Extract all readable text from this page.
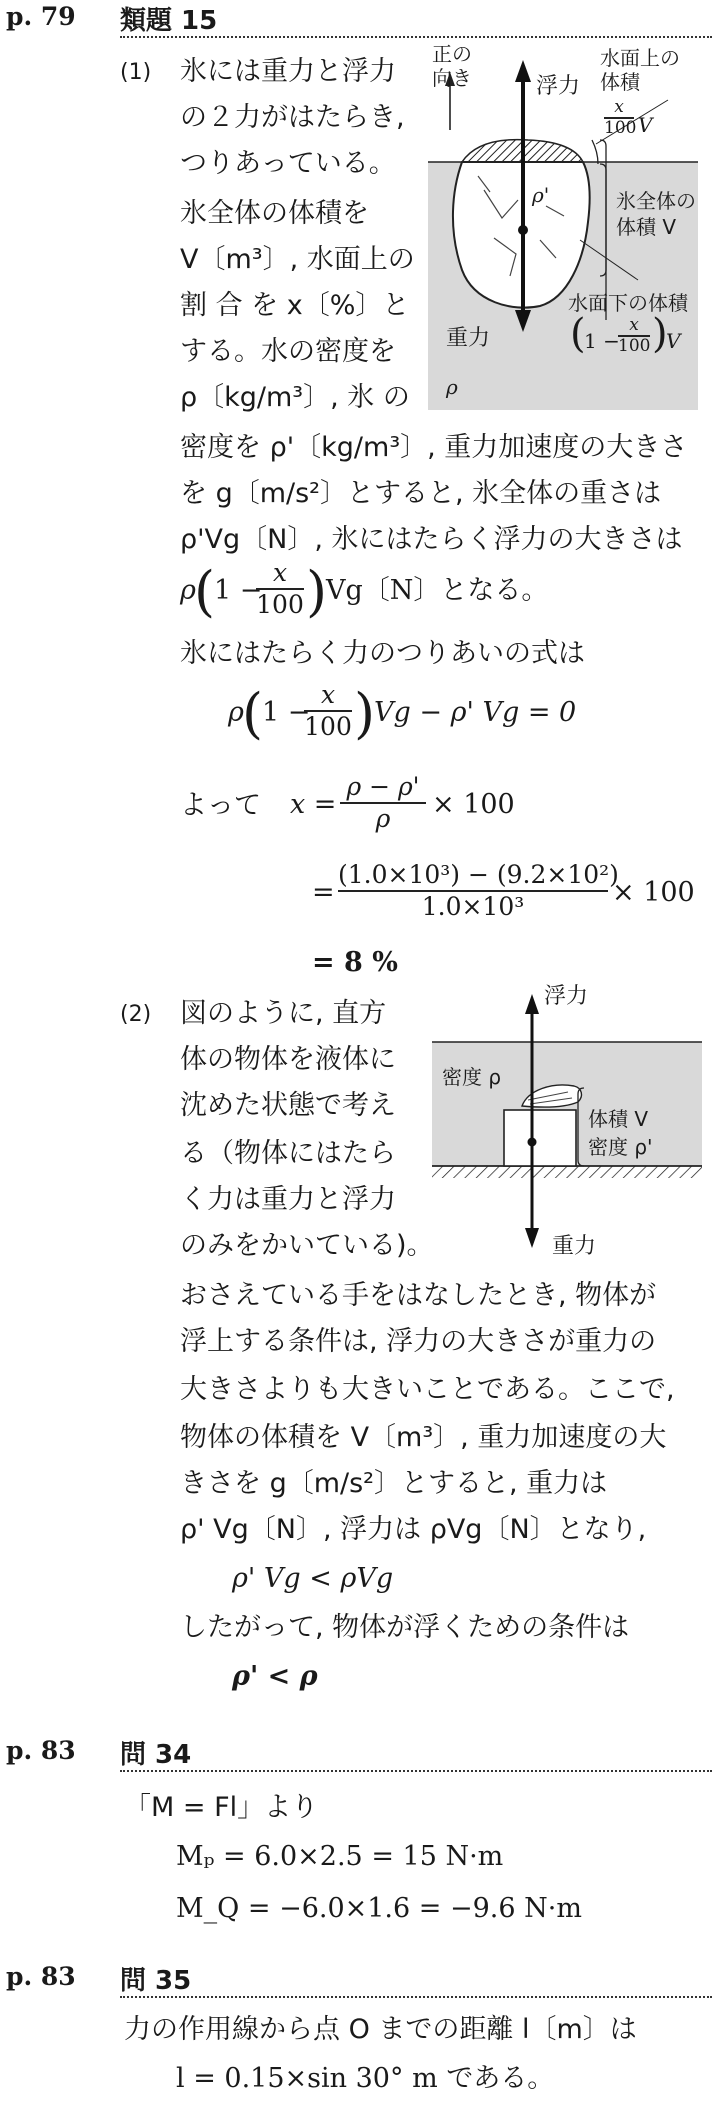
p. 79 類題 15
(1) 氷には重力と浮力
の２力がはたらき,
つりあっている。
氷全体の体積を
V〔m³〕, 水面上の
割 合 を x〔%〕と
する。水の密度を
ρ〔kg/m³〕, 氷 の
密度を ρ'〔kg/m³〕, 重力加速度の大きさ
を g〔m/s²〕とすると, 氷全体の重さは
ρ'Vg〔N〕, 氷にはたらく浮力の大きさは
正の
向き	浮力
水面上の
体積
x
100 V
ρ'	氷全体の
体積 V
重力
水面下の体積
(
1 −
x
100 )
V
ρ
ρ
(
1 −
x
100 )
Vg〔N〕となる。
氷にはたらく力のつりあいの式は
ρ
(
1 −
x
100 )
Vg − ρ' Vg = 0
よって x =
ρ − ρ'
ρ	× 100
=
(1.0×10³) − (9.2×10²)
1.0×10³	× 100
= 8 %
(2) 図のように, 直方
体の物体を液体に
沈めた状態で考え
る（物体にはたら
く力は重力と浮力
のみをかいている)。
おさえている手をはなしたとき, 物体が
浮上する条件は, 浮力の大きさが重力の
大きさよりも大きいことである。ここで,
物体の体積を V〔m³〕, 重力加速度の大
きさを g〔m/s²〕とすると, 重力は
ρ' Vg〔N〕, 浮力は ρVg〔N〕となり,
ρ' Vg < ρVg
したがって, 物体が浮くための条件は
ρ' < ρ
浮力
密度 ρ
体積 V
密度 ρ'
重力
p. 83 問 34
「M = Fl」より
Mₚ = 6.0×2.5 = 15 N·m
M_Q = −6.0×1.6 = −9.6 N·m
p. 83 問 35
力の作用線から点 O までの距離 l〔m〕は
l = 0.15×sin 30° m である。
